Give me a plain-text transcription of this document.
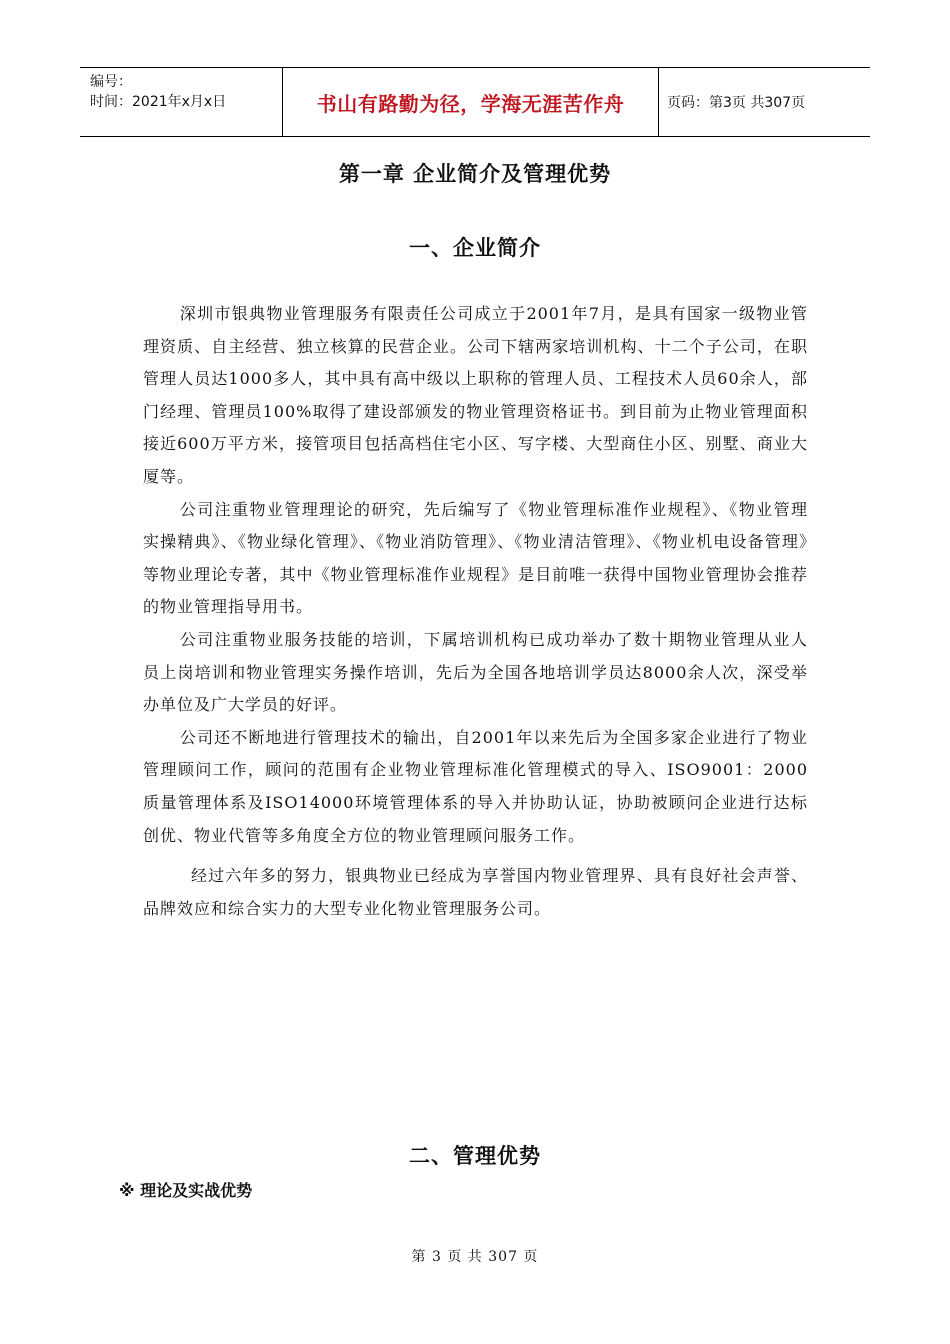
编号：
时间：2021年x月x日	书山有路勤为径，学海无涯苦作舟	页码：第3页 共307页
第一章 企业简介及管理优势
一、企业简介

深圳市银典物业管理服务有限责任公司成立于2001年7月，是具有国家一级物业管理资质、自主经营、独立核算的民营企业。公司下辖两家培训机构、十二个子公司，在职管理人员达1000多人，其中具有高中级以上职称的管理人员、工程技术人员60余人，部门经理、管理员100%取得了建设部颁发的物业管理资格证书。到目前为止物业管理面积接近600万平方米，接管项目包括高档住宅小区、写字楼、大型商住小区、别墅、商业大厦等。

公司注重物业管理理论的研究，先后编写了《物业管理标准作业规程》、《物业管理实操精典》、《物业绿化管理》、《物业消防管理》、《物业清洁管理》、《物业机电设备管理》等物业理论专著，其中《物业管理标准作业规程》是目前唯一获得中国物业管理协会推荐的物业管理指导用书。

公司注重物业服务技能的培训，下属培训机构已成功举办了数十期物业管理从业人员上岗培训和物业管理实务操作培训，先后为全国各地培训学员达8000余人次，深受举办单位及广大学员的好评。

公司还不断地进行管理技术的输出，自2001年以来先后为全国多家企业进行了物业管理顾问工作，顾问的范围有企业物业管理标准化管理模式的导入、ISO9001：2000质量管理体系及ISO14000环境管理体系的导入并协助认证，协助被顾问企业进行达标创优、物业代管等多角度全方位的物业管理顾问服务工作。

经过六年多的努力，银典物业已经成为享誉国内物业管理界、具有良好社会声誉、品牌效应和综合实力的大型专业化物业管理服务公司。

二、管理优势
※ 理论及实战优势
第 3 页 共 307 页
